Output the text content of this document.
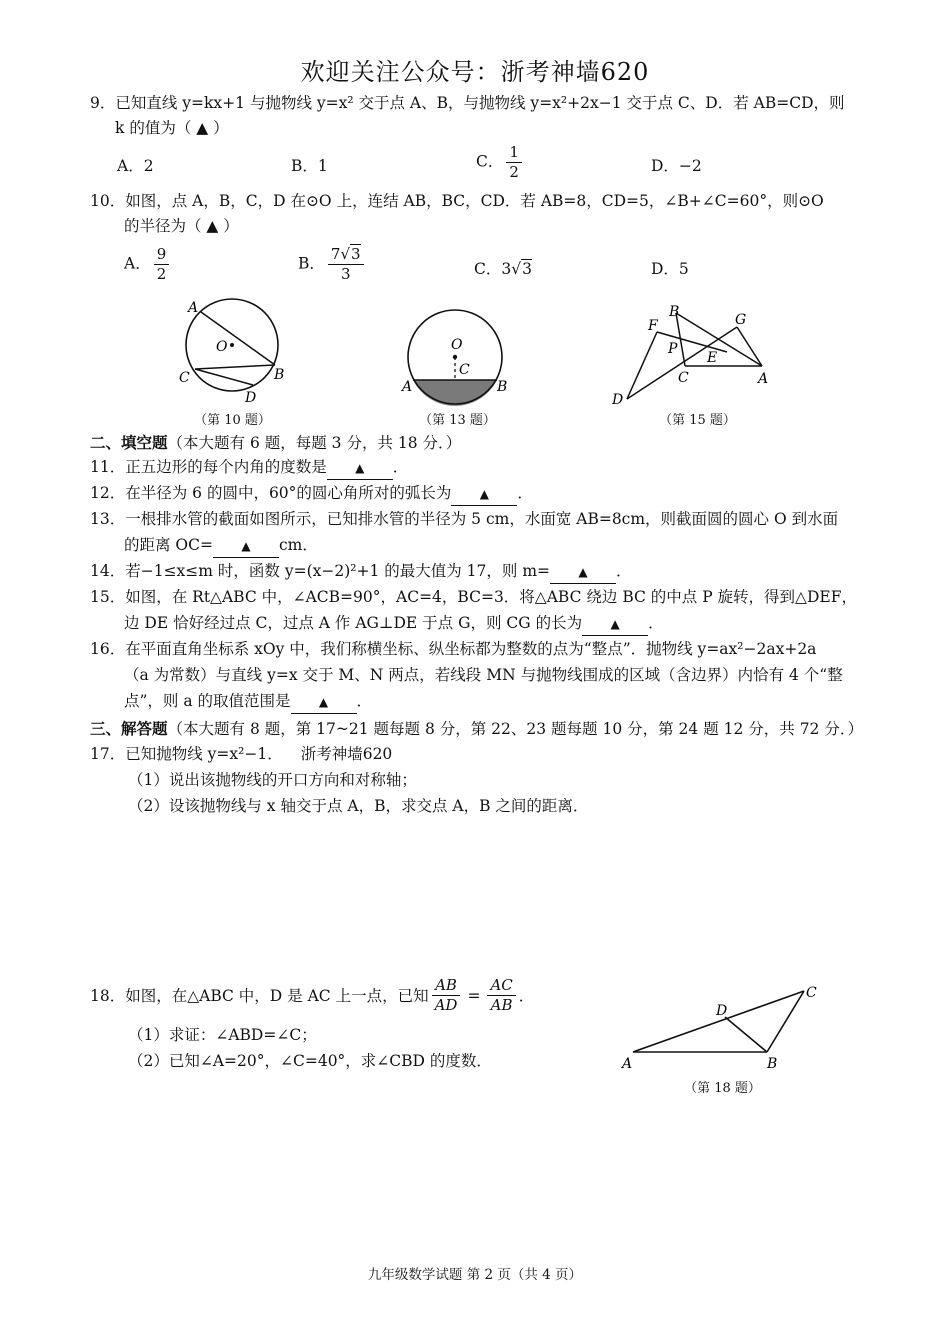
欢迎关注公众号：浙考神墙620
9．已知直线 y=kx+1 与抛物线 y=x² 交于点 A、B，与抛物线 y=x²+2x−1 交于点 C、D．若 AB=CD，则
k 的值为（ ▲ ）
A．2	B．1	C． $\frac{1}{2}$	D．−2
10．如图，点 A，B，C，D 在⊙O 上，连结 AB，BC，CD．若 AB=8，CD=5，∠B+∠C=60°，则⊙O
的半径为（ ▲ ）
A． $\frac{9}{2}$	B． $\frac{7√3}{3}$	C．3√3	D．5
A
O
C	B
D
（第 10 题）
O
C
A	B
（第 13 题）
F
B	G
P
E
C	A
D
（第 15 题）
二、填空题（本大题有 6 题，每题 3 分，共 18 分．）
11．正五边形的每个内角的度数是 ▲ ．
12．在半径为 6 的圆中，60°的圆心角所对的弧长为 ▲ ．
13．一根排水管的截面如图所示，已知排水管的半径为 5 cm，水面宽 AB=8cm，则截面圆的圆心 O 到水面
的距离 OC= ▲ cm．
14．若−1≤x≤m 时，函数 y=(x−2)²+1 的最大值为 17，则 m= ▲ ．
15．如图，在 Rt△ABC 中，∠ACB=90°，AC=4，BC=3．将△ABC 绕边 BC 的中点 P 旋转，得到△DEF，
边 DE 恰好经过点 C，过点 A 作 AG⊥DE 于点 G，则 CG 的长为 ▲ ．
16．在平面直角坐标系 xOy 中，我们称横坐标、纵坐标都为整数的点为“整点”．抛物线 y=ax²−2ax+2a
（a 为常数）与直线 y=x 交于 M、N 两点，若线段 MN 与抛物线围成的区域（含边界）内恰有 4 个“整
点”，则 a 的取值范围是 ▲ ．
三、解答题（本大题有 8 题，第 17~21 题每题 8 分，第 22、23 题每题 10 分，第 24 题 12 分，共 72 分．）
17．已知抛物线 y=x²−1． 浙考神墙620
（1）说出该抛物线的开口方向和对称轴；
（2）设该抛物线与 x 轴交于点 A，B，求交点 A，B 之间的距离．
18．如图，在△ABC 中，D 是 AC 上一点，已知 $\frac{AB}{AD} = \frac{AC}{AB}$ ．
（1）求证：∠ABD=∠C；
（2）已知∠A=20°，∠C=40°，求∠CBD 的度数．	A	B
C
D
（第 18 题）
九年级数学试题 第 2 页（共 4 页）
